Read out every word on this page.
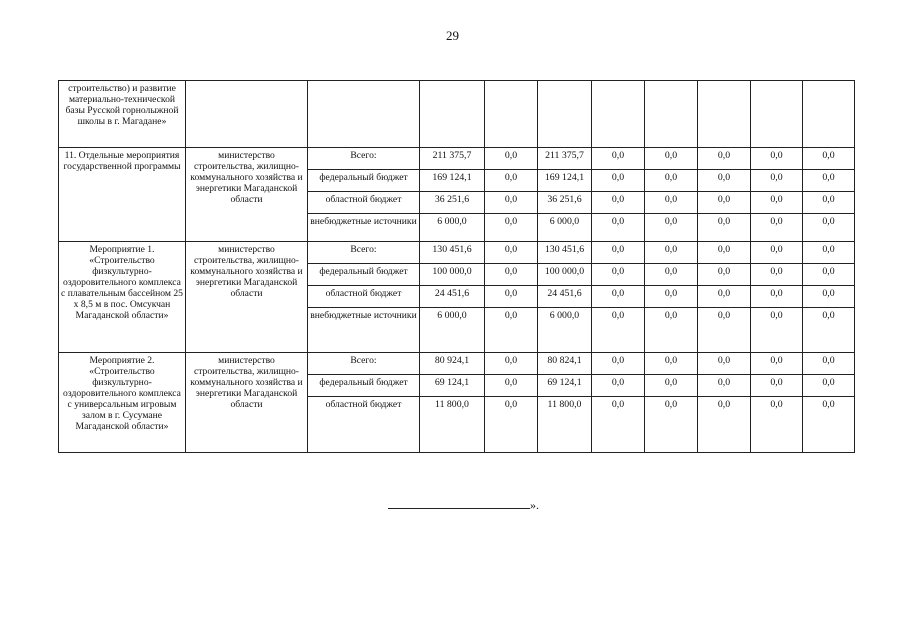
29
строительство) и развитие материально-технической базы Русской горнолыжной школы в г. Магадане»										
11. Отдельные мероприятия государственной программы	министерство строительства, жилищно-коммунального хозяйства и энергетики Магаданской области	Всего:	211 375,7	0,0	211 375,7	0,0	0,0	0,0	0,0	0,0
		федеральный бюджет	169 124,1	0,0	169 124,1	0,0	0,0	0,0	0,0	0,0
		областной бюджет	36 251,6	0,0	36 251,6	0,0	0,0	0,0	0,0	0,0
		внебюджетные источники	6 000,0	0,0	6 000,0	0,0	0,0	0,0	0,0	0,0
Мероприятие 1. «Строительство физкультурно-оздоровительного комплекса с плавательным бассейном 25 х 8,5 м в пос. Омсукчан Магаданской области»	министерство строительства, жилищно-коммунального хозяйства и энергетики Магаданской области	Всего:	130 451,6	0,0	130 451,6	0,0	0,0	0,0	0,0	0,0
		федеральный бюджет	100 000,0	0,0	100 000,0	0,0	0,0	0,0	0,0	0,0
		областной бюджет	24 451,6	0,0	24 451,6	0,0	0,0	0,0	0,0	0,0
		внебюджетные источники	6 000,0	0,0	6 000,0	0,0	0,0	0,0	0,0	0,0
Мероприятие 2. «Строительство физкультурно-оздоровительного комплекса с универсальным игровым залом в г. Сусумане Магаданской области»	министерство строительства, жилищно-коммунального хозяйства и энергетики Магаданской области	Всего:	80 924,1	0,0	80 824,1	0,0	0,0	0,0	0,0	0,0
		федеральный бюджет	69 124,1	0,0	69 124,1	0,0	0,0	0,0	0,0	0,0
		областной бюджет	11 800,0	0,0	11 800,0	0,0	0,0	0,0	0,0	0,0
».
